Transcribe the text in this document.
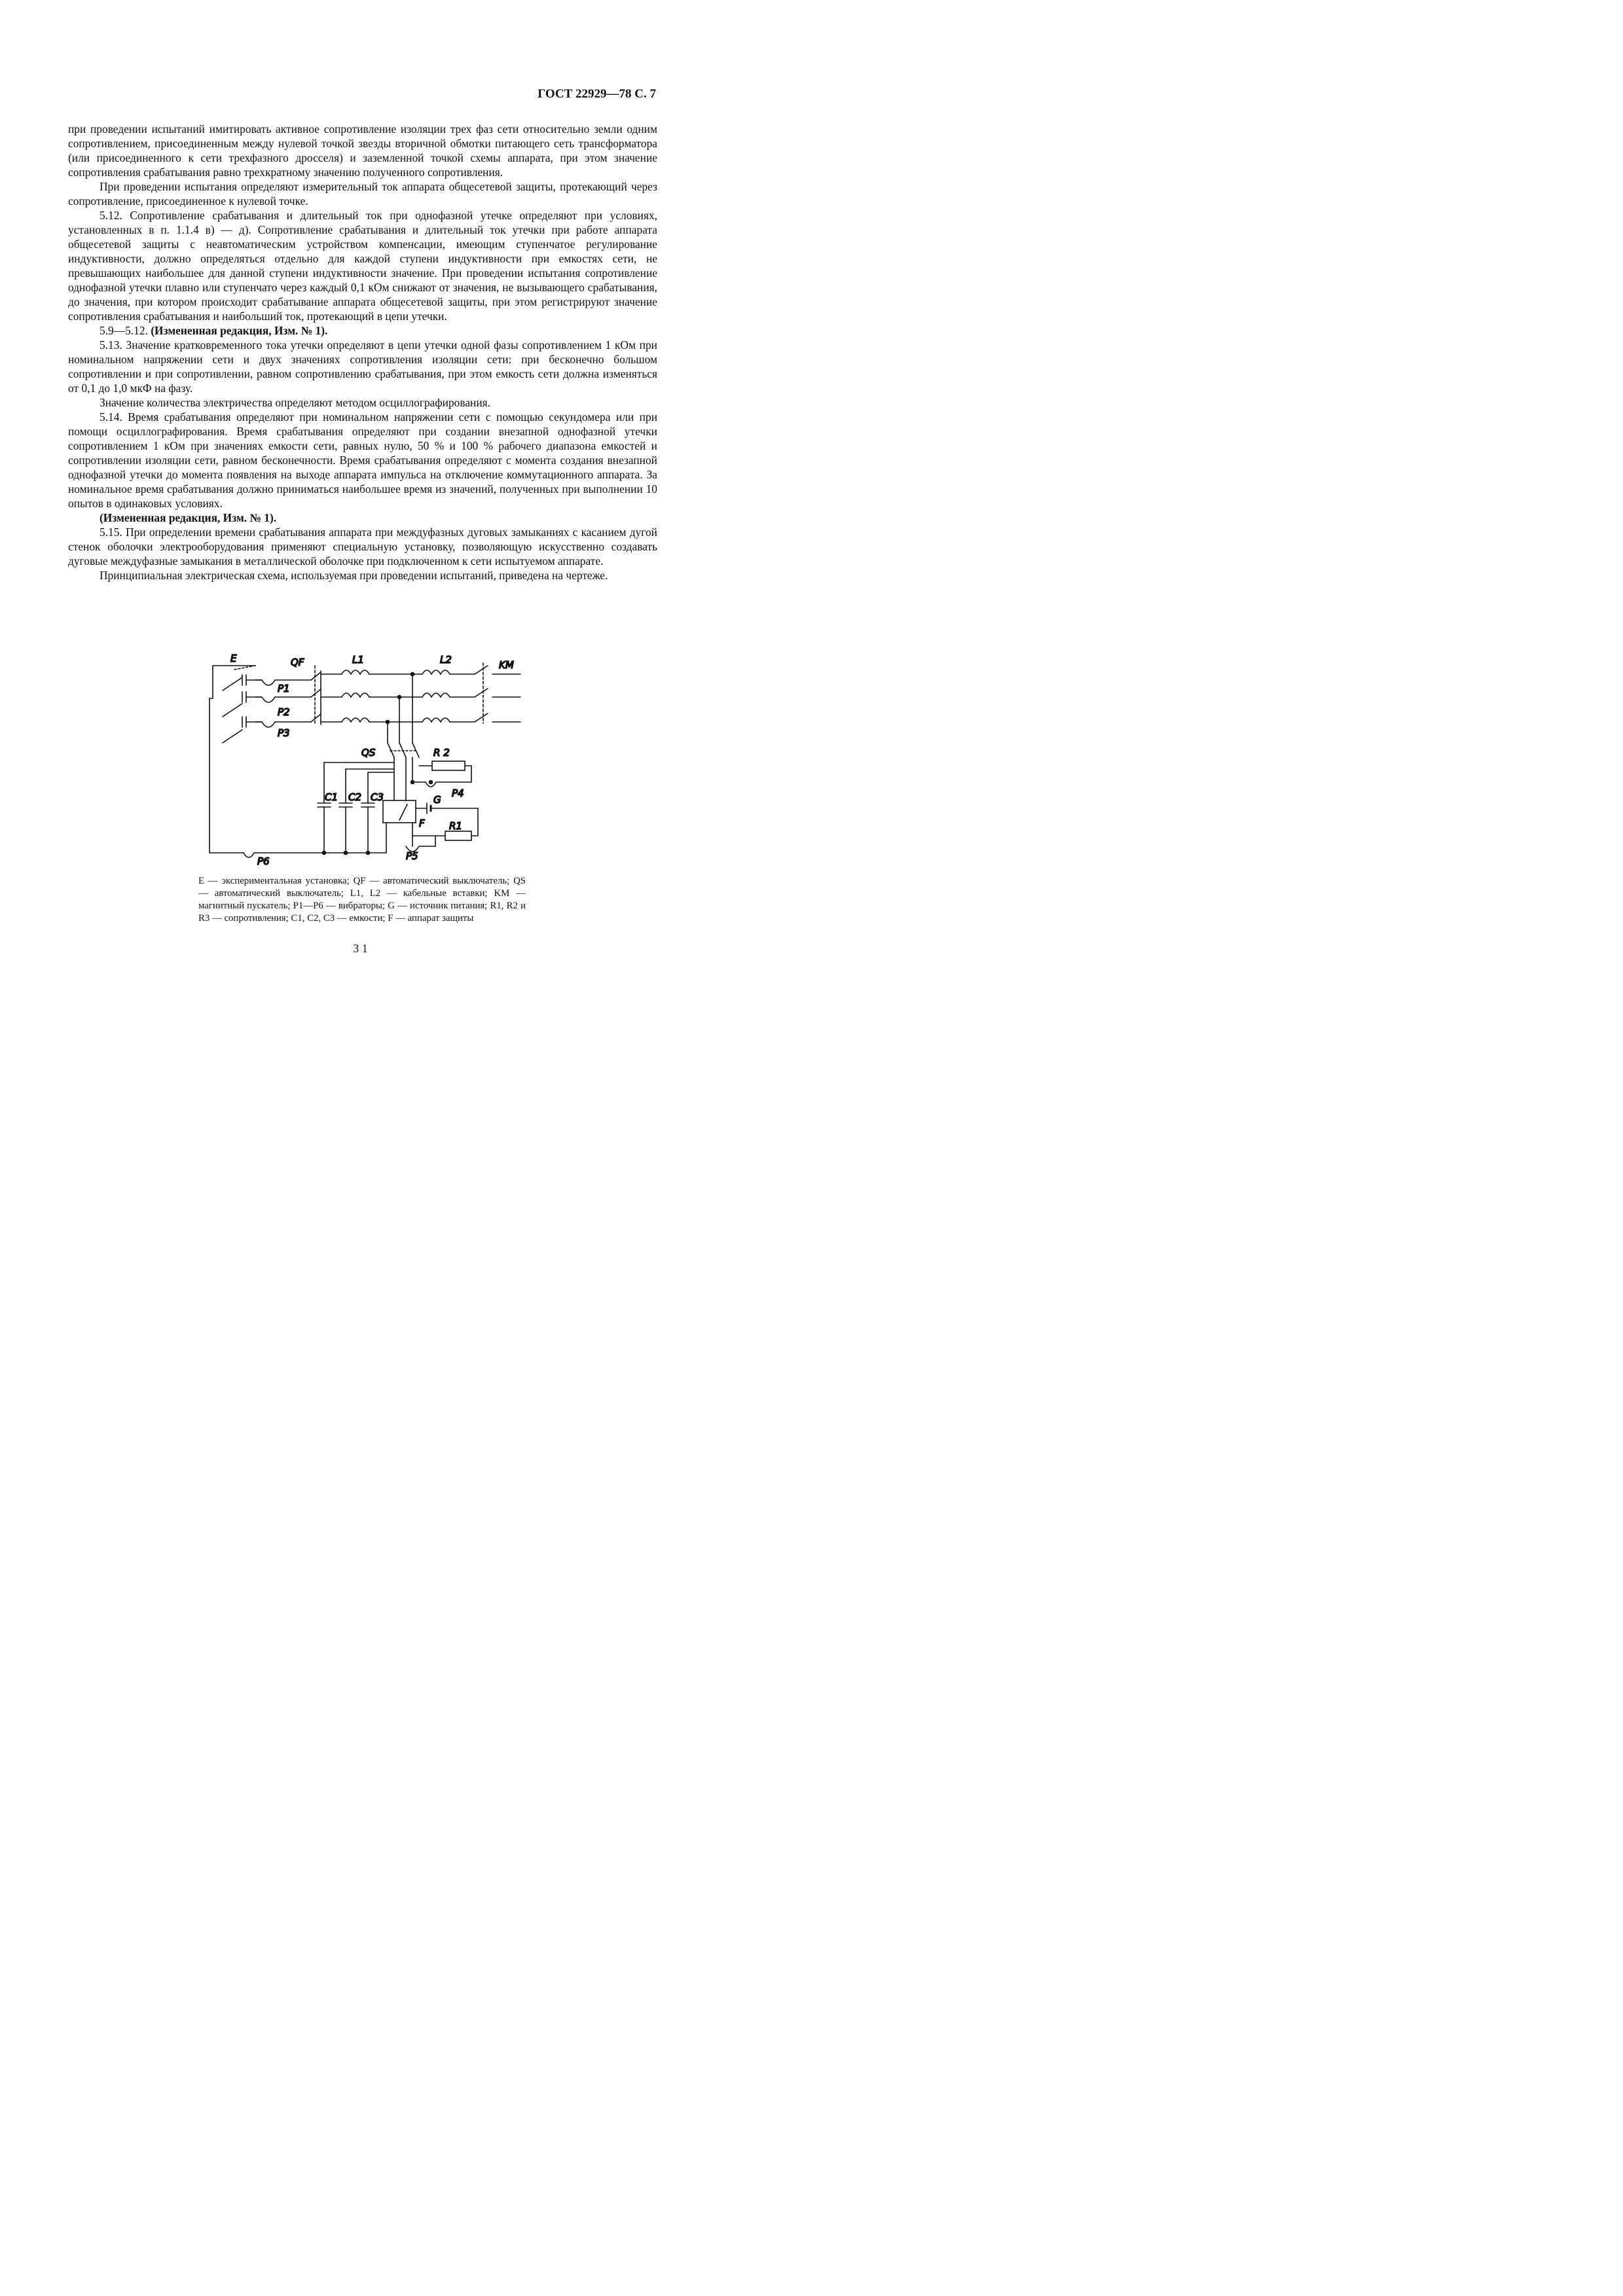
ГОСТ 22929—78 С. 7

при проведении испытаний имитировать активное сопротивление изоляции трех фаз сети относительно земли одним сопротивлением, присоединенным между нулевой точкой звезды вторичной обмотки питающего сеть трансформатора (или присоединенного к сети трехфазного дросселя) и заземленной точкой схемы аппарата, при этом значение сопротивления срабатывания равно трехкратному значению полученного сопротивления.

При проведении испытания определяют измерительный ток аппарата общесетевой защиты, протекающий через сопротивление, присоединенное к нулевой точке.

5.12. Сопротивление срабатывания и длительный ток при однофазной утечке определяют при условиях, установленных в п. 1.1.4 в) — д). Сопротивление срабатывания и длительный ток утечки при работе аппарата общесетевой защиты с неавтоматическим устройством компенсации, имеющим ступенчатое регулирование индуктивности, должно определяться отдельно для каждой ступени индуктивности при емкостях сети, не превышающих наибольшее для данной ступени индуктивности значение. При проведении испытания сопротивление однофазной утечки плавно или ступенчато через каждый 0,1 кОм снижают от значения, не вызывающего срабатывания, до значения, при котором происходит срабатывание аппарата общесетевой защиты, при этом регистрируют значение сопротивления срабатывания и наибольший ток, протекающий в цепи утечки.

5.9—5.12. (Измененная редакция, Изм. № 1).

5.13. Значение кратковременного тока утечки определяют в цепи утечки одной фазы сопротивлением 1 кОм при номинальном напряжении сети и двух значениях сопротивления изоляции сети: при бесконечно большом сопротивлении и при сопротивлении, равном сопротивлению срабатывания, при этом емкость сети должна изменяться от 0,1 до 1,0 мкФ на фазу.

Значение количества электричества определяют методом осциллографирования.

5.14. Время срабатывания определяют при номинальном напряжении сети с помощью секундомера или при помощи осциллографирования. Время срабатывания определяют при создании внезапной однофазной утечки сопротивлением 1 кОм при значениях емкости сети, равных нулю, 50 % и 100 % рабочего диапазона емкостей и сопротивлении изоляции сети, равном бесконечности. Время срабатывания определяют с момента создания внезапной однофазной утечки до момента появления на выходе аппарата импульса на отключение коммутационного аппарата. За номинальное время срабатывания должно приниматься наибольшее время из значений, полученных при выполнении 10 опытов в одинаковых условиях.

(Измененная редакция, Изм. № 1).

5.15. При определении времени срабатывания аппарата при междуфазных дуговых замыканиях с касанием дугой стенок оболочки электрооборудования применяют специальную установку, позволяющую искусственно создавать дуговые междуфазные замыкания в металлической оболочке при подключенном к сети испытуемом аппарате.

Принципиальная электрическая схема, используемая при проведении испытаний, приведена на чертеже.

E	QF	L1	L2	KM
P1
P2
P3
QS	R 2
P4
G
F R1
P5
P6
C1 C2 C3
E — экспериментальная установка; QF — автоматический выключатель; QS — автоматический выключатель; L1, L2 — кабельные вставки; KM — магнитный пускатель; P1—P6 — вибраторы; G — источник питания; R1, R2 и R3 — сопротивления; C1, C2, C3 — емкости; F — аппарат защиты
3 1
